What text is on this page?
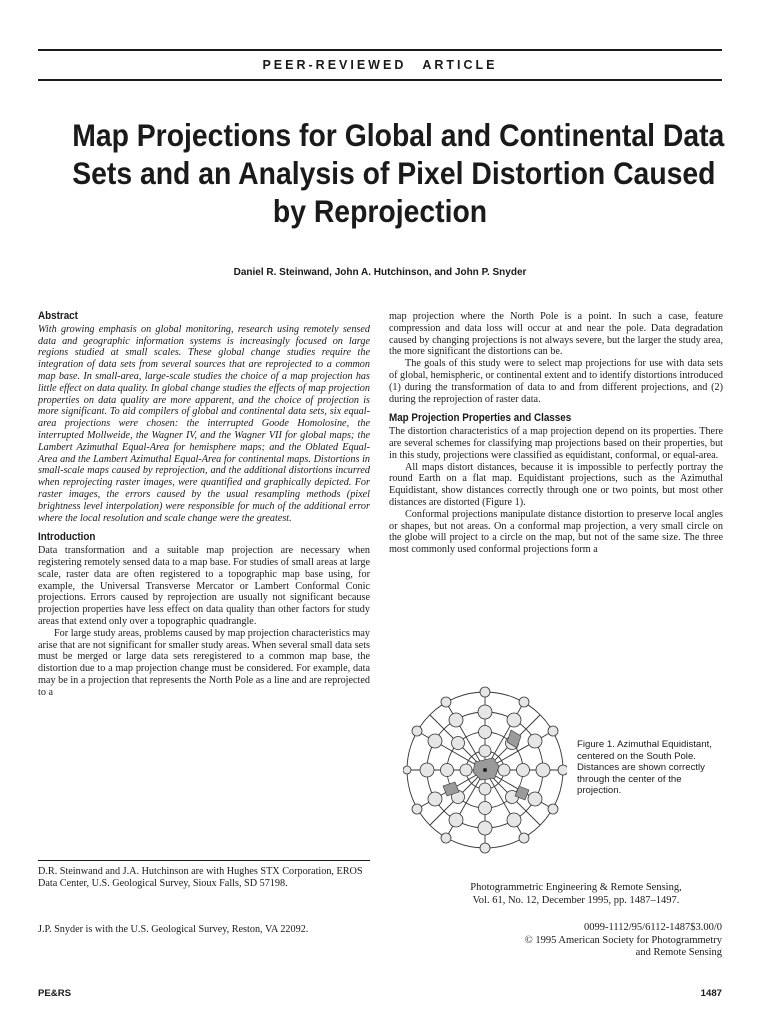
PEER-REVIEWED ARTICLE
Map Projections for Global and Continental Data
Sets and an Analysis of Pixel Distortion Caused
by Reprojection
Daniel R. Steinwand, John A. Hutchinson, and John P. Snyder
Abstract

With growing emphasis on global monitoring, research using remotely sensed data and geographic information systems is increasingly focused on large regions studied at small scales. These global change studies require the integration of data sets from several sources that are reprojected to a common map base. In small-area, large-scale studies the choice of a map projection has little effect on data quality. In global change studies the effects of map projection properties on data quality are more apparent, and the choice of projection is more significant. To aid compilers of global and continental data sets, six equal-area projections were chosen: the interrupted Goode Homolosine, the interrupted Mollweide, the Wagner IV, and the Wagner VII for global maps; the Lambert Azimuthal Equal-Area for hemisphere maps; and the Oblated Equal-Area and the Lambert Azimuthal Equal-Area for continental maps. Distortions in small-scale maps caused by reprojection, and the additional distortions incurred when reprojecting raster images, were quantified and graphically depicted. For raster images, the errors caused by the usual resampling methods (pixel brightness level interpolation) were responsible for much of the additional error where the local resolution and scale change were the greatest.

Introduction

Data transformation and a suitable map projection are necessary when registering remotely sensed data to a map base. For studies of small areas at large scale, raster data are often registered to a topographic map base using, for example, the Universal Transverse Mercator or Lambert Conformal Conic projections. Errors caused by reprojection are usually not significant because projection properties have less effect on data quality than other factors for study areas that extend only over a topographic quadrangle.

For large study areas, problems caused by map projection characteristics may arise that are not significant for smaller study areas. When several small data sets must be merged or large data sets reregistered to a common map base, the distortion due to a map projection change must be considered. For example, data may be in a projection that represents the North Pole as a line and are reprojected to a

map projection where the North Pole is a point. In such a case, feature compression and data loss will occur at and near the pole. Data degradation caused by changing projections is not always severe, but the larger the study area, the more significant the distortions can be.

The goals of this study were to select map projections for use with data sets of global, hemispheric, or continental extent and to identify distortions introduced (1) during the transformation of data to and from different projections, and (2) during the reprojection of raster data.

Map Projection Properties and Classes

The distortion characteristics of a map projection depend on its properties. There are several schemes for classifying map projections based on their properties, but in this study, projections were classified as equidistant, conformal, or equal-area.

All maps distort distances, because it is impossible to perfectly portray the round Earth on a flat map. Equidistant projections, such as the Azimuthal Equidistant, show distances correctly through one or two points, but most other distances are distorted (Figure 1).

Conformal projections manipulate distance distortion to preserve local angles or shapes, but not areas. On a conformal map projection, a very small circle on the globe will project to a circle on the map, but not of the same size. The three most commonly used conformal projections form a

Figure 1. Azimuthal Equidistant, centered on the South Pole. Distances are shown correctly through the center of the projection.

D.R. Steinwand and J.A. Hutchinson are with Hughes STX Corporation, EROS Data Center, U.S. Geological Survey, Sioux Falls, SD 57198.

J.P. Snyder is with the U.S. Geological Survey, Reston, VA 22092.

Photogrammetric Engineering & Remote Sensing,
Vol. 61, No. 12, December 1995, pp. 1487–1497.
0099-1112/95/6112-1487$3.00/0
© 1995 American Society for Photogrammetry
and Remote Sensing
PE&RS	1487
